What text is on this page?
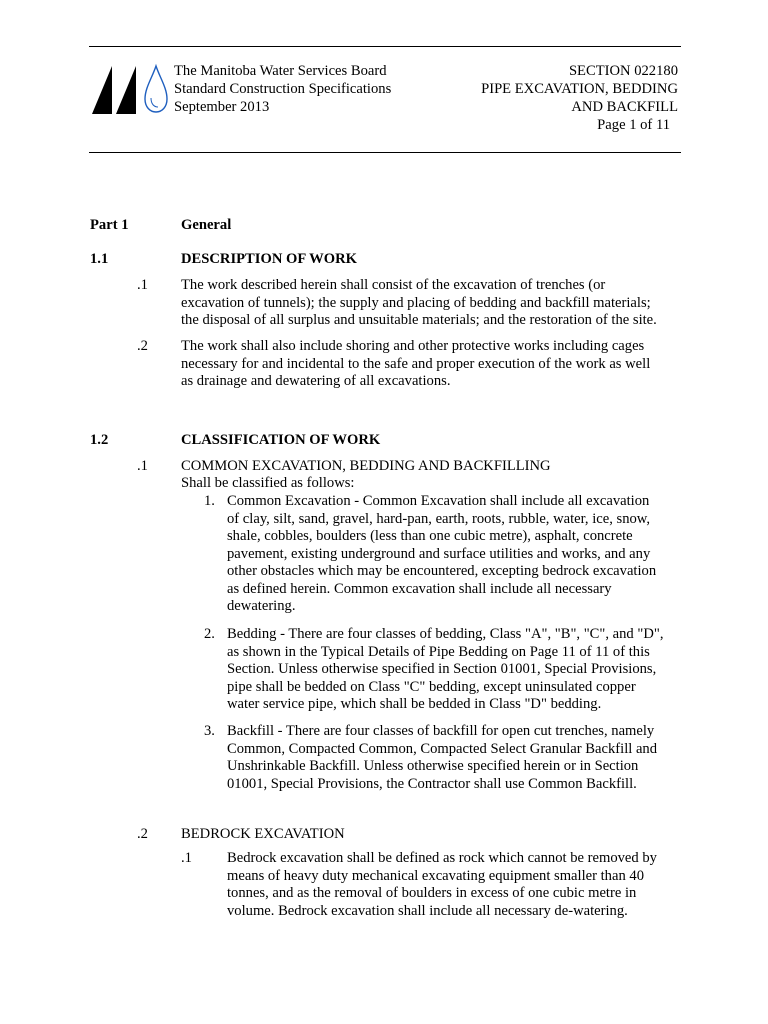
The Manitoba Water Services Board
Standard Construction Specifications
September 2013
SECTION 022180
PIPE EXCAVATION, BEDDING
AND BACKFILL
Page 1 of 11
Part 1	General
1.1	DESCRIPTION OF WORK
.1 The work described herein shall consist of the excavation of trenches (or
excavation of tunnels); the supply and placing of bedding and backfill materials;
the disposal of all surplus and unsuitable materials; and the restoration of the site.
.2 The work shall also include shoring and other protective works including cages
necessary for and incidental to the safe and proper execution of the work as well
as drainage and dewatering of all excavations.
1.2	CLASSIFICATION OF WORK
.1 COMMON EXCAVATION, BEDDING AND BACKFILLING
Shall be classified as follows:
1. Common Excavation - Common Excavation shall include all excavation
of clay, silt, sand, gravel, hard-pan, earth, roots, rubble, water, ice, snow,
shale, cobbles, boulders (less than one cubic metre), asphalt, concrete
pavement, existing underground and surface utilities and works, and any
other obstacles which may be encountered, excepting bedrock excavation
as defined herein. Common excavation shall include all necessary
dewatering.
2. Bedding - There are four classes of bedding, Class "A", "B", "C", and "D",
as shown in the Typical Details of Pipe Bedding on Page 11 of 11 of this
Section. Unless otherwise specified in Section 01001, Special Provisions,
pipe shall be bedded on Class "C" bedding, except uninsulated copper
water service pipe, which shall be bedded in Class "D" bedding.
3. Backfill - There are four classes of backfill for open cut trenches, namely
Common, Compacted Common, Compacted Select Granular Backfill and
Unshrinkable Backfill. Unless otherwise specified herein or in Section
01001, Special Provisions, the Contractor shall use Common Backfill.
.2 BEDROCK EXCAVATION
.1 Bedrock excavation shall be defined as rock which cannot be removed by
means of heavy duty mechanical excavating equipment smaller than 40
tonnes, and as the removal of boulders in excess of one cubic metre in
volume. Bedrock excavation shall include all necessary de-watering.
